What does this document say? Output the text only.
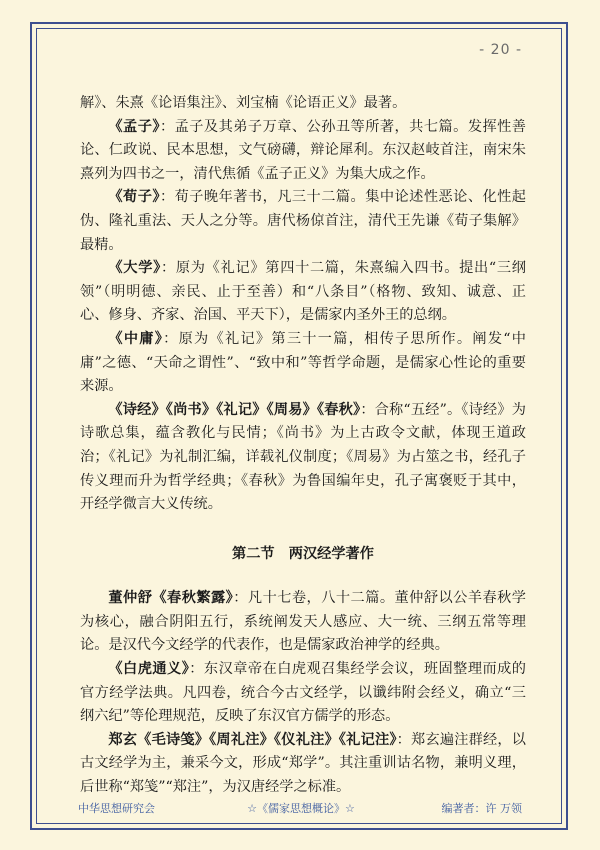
- 20 -

解》、朱熹《论语集注》、刘宝楠《论语正义》最著。

《孟子》：孟子及其弟子万章、公孙丑等所著，共七篇。发挥性善论、仁政说、民本思想，文气磅礴，辩论犀利。东汉赵岐首注，南宋朱熹列为四书之一，清代焦循《孟子正义》为集大成之作。

《荀子》：荀子晚年著书，凡三十二篇。集中论述性恶论、化性起伪、隆礼重法、天人之分等。唐代杨倞首注，清代王先谦《荀子集解》最精。

《大学》：原为《礼记》第四十二篇，朱熹编入四书。提出“三纲领”（明明德、亲民、止于至善）和“八条目”（格物、致知、诚意、正心、修身、齐家、治国、平天下），是儒家内圣外王的总纲。

《中庸》：原为《礼记》第三十一篇，相传子思所作。阐发“中庸”之德、“天命之谓性”、“致中和”等哲学命题，是儒家心性论的重要来源。

《诗经》《尚书》《礼记》《周易》《春秋》：合称“五经”。《诗经》为诗歌总集，蕴含教化与民情；《尚书》为上古政令文献，体现王道政治；《礼记》为礼制汇编，详载礼仪制度；《周易》为占筮之书，经孔子传义理而升为哲学经典；《春秋》为鲁国编年史，孔子寓褒贬于其中，开经学微言大义传统。

第二节　两汉经学著作

董仲舒《春秋繁露》：凡十七卷，八十二篇。董仲舒以公羊春秋学为核心，融合阴阳五行，系统阐发天人感应、大一统、三纲五常等理论。是汉代今文经学的代表作，也是儒家政治神学的经典。

《白虎通义》：东汉章帝在白虎观召集经学会议，班固整理而成的官方经学法典。凡四卷，统合今古文经学，以谶纬附会经义，确立“三纲六纪”等伦理规范，反映了东汉官方儒学的形态。

郑玄《毛诗笺》《周礼注》《仪礼注》《礼记注》：郑玄遍注群经，以古文经学为主，兼采今文，形成“郑学”。其注重训诂名物，兼明义理，后世称“郑笺”“郑注”，为汉唐经学之标准。

中华思想研究会	☆《儒家思想概论》☆	编著者：许 万领
